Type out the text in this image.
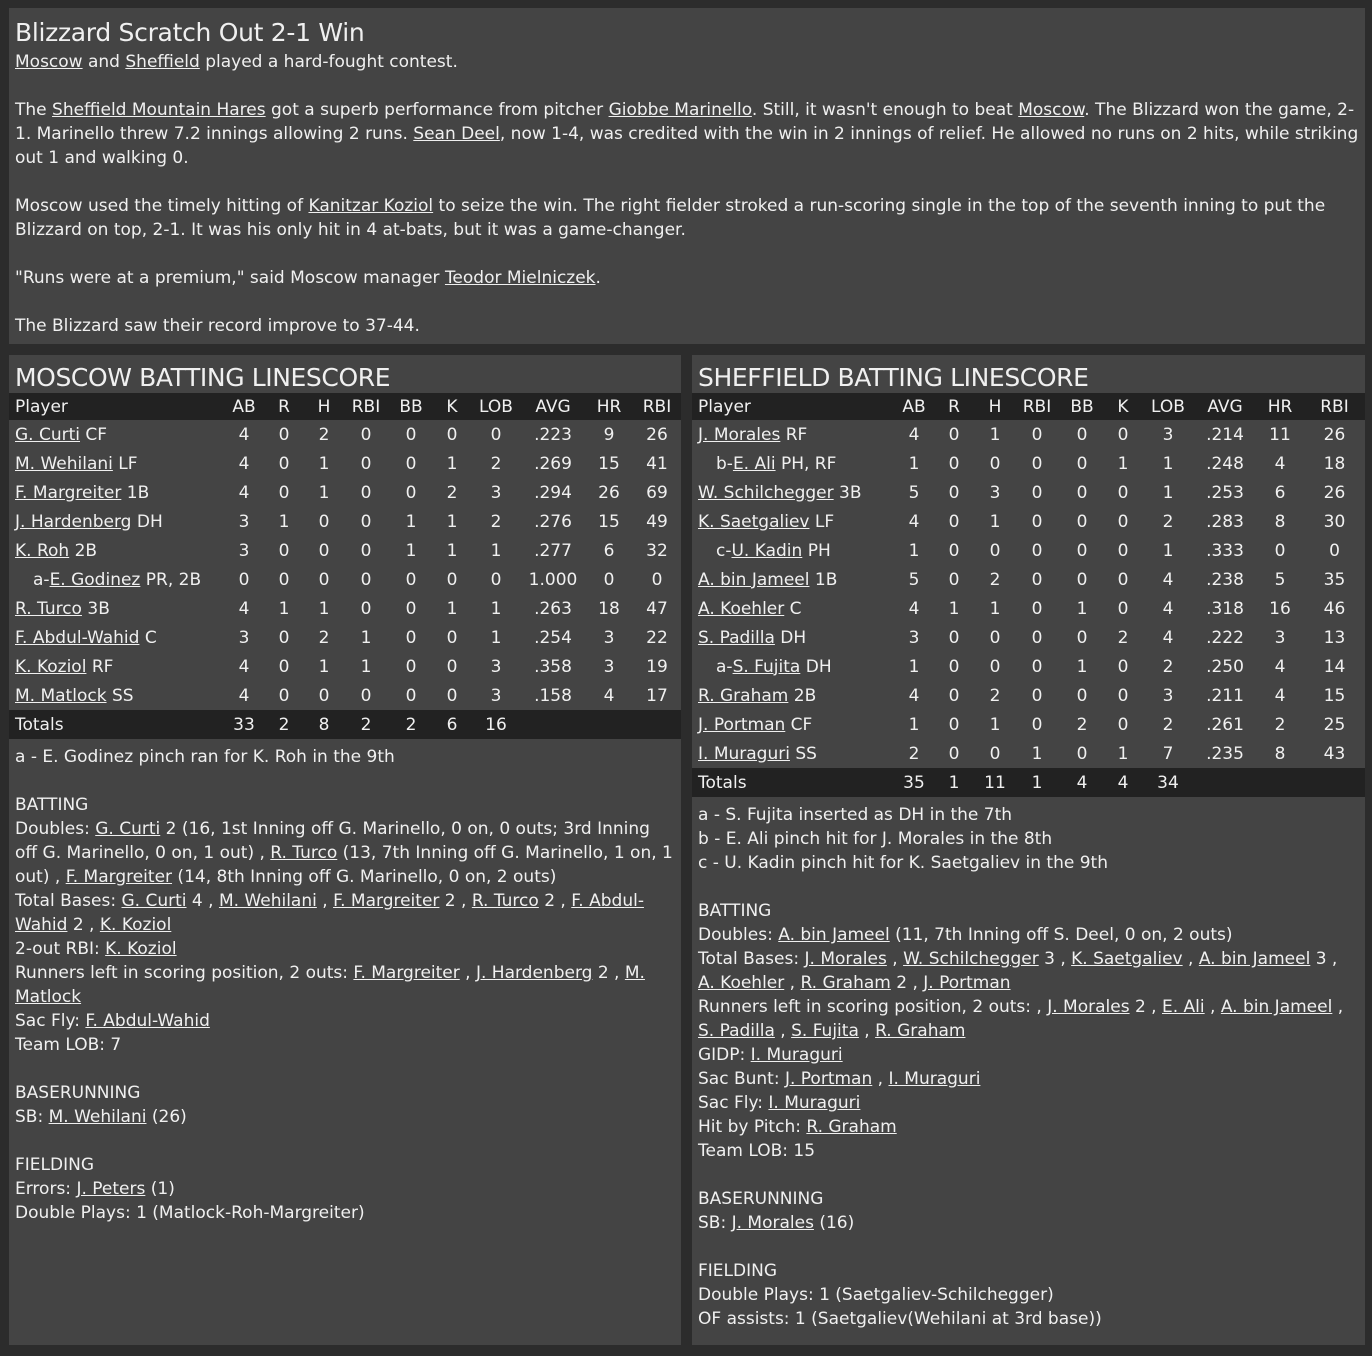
Blizzard Scratch Out 2-1 Win

Moscow and Sheffield played a hard-fought contest.

The Sheffield Mountain Hares got a superb performance from pitcher Giobbe Marinello. Still, it wasn't enough to beat Moscow. The Blizzard won the game, 2-1. Marinello threw 7.2 innings allowing 2 runs. Sean Deel, now 1-4, was credited with the win in 2 innings of relief. He allowed no runs on 2 hits, while striking out 1 and walking 0.

Moscow used the timely hitting of Kanitzar Koziol to seize the win. The right fielder stroked a run-scoring single in the top of the seventh inning to put the Blizzard on top, 2-1. It was his only hit in 4 at-bats, but it was a game-changer.

"Runs were at a premium," said Moscow manager Teodor Mielniczek.

The Blizzard saw their record improve to 37-44.

MOSCOW BATTING LINESCORE
Player	AB	R	H	RBI	BB	K	LOB	AVG	HR	RBI
G. Curti CF	4	0	2	0	0	0	0	.223	9	26
M. Wehilani LF	4	0	1	0	0	1	2	.269	15	41
F. Margreiter 1B	4	0	1	0	0	2	3	.294	26	69
J. Hardenberg DH	3	1	0	0	1	1	2	.276	15	49
K. Roh 2B	3	0	0	0	1	1	1	.277	6	32
a-E. Godinez PR, 2B	0	0	0	0	0	0	0	1.000	0	0
R. Turco 3B	4	1	1	0	0	1	1	.263	18	47
F. Abdul-Wahid C	3	0	2	1	0	0	1	.254	3	22
K. Koziol RF	4	0	1	1	0	0	3	.358	3	19
M. Matlock SS	4	0	0	0	0	0	3	.158	4	17
Totals	33	2	8	2	2	6	16			
a - E. Godinez pinch ran for K. Roh in the 9th
BATTING
Doubles: G. Curti 2 (16, 1st Inning off G. Marinello, 0 on, 0 outs; 3rd Inning off G. Marinello, 0 on, 1 out) , R. Turco (13, 7th Inning off G. Marinello, 1 on, 1 out) , F. Margreiter (14, 8th Inning off G. Marinello, 0 on, 2 outs)
Total Bases: G. Curti 4 , M. Wehilani , F. Margreiter 2 , R. Turco 2 , F. Abdul-Wahid 2 , K. Koziol
2-out RBI: K. Koziol
Runners left in scoring position, 2 outs: F. Margreiter , J. Hardenberg 2 , M. Matlock
Sac Fly: F. Abdul-Wahid
Team LOB: 7
BASERUNNING
SB: M. Wehilani (26)
FIELDING
Errors: J. Peters (1)
Double Plays: 1 (Matlock-Roh-Margreiter)
SHEFFIELD BATTING LINESCORE
Player	AB	R	H	RBI	BB	K	LOB	AVG	HR	RBI
J. Morales RF	4	0	1	0	0	0	3	.214	11	26
b-E. Ali PH, RF	1	0	0	0	0	1	1	.248	4	18
W. Schilchegger 3B	5	0	3	0	0	0	1	.253	6	26
K. Saetgaliev LF	4	0	1	0	0	0	2	.283	8	30
c-U. Kadin PH	1	0	0	0	0	0	1	.333	0	0
A. bin Jameel 1B	5	0	2	0	0	0	4	.238	5	35
A. Koehler C	4	1	1	0	1	0	4	.318	16	46
S. Padilla DH	3	0	0	0	0	2	4	.222	3	13
a-S. Fujita DH	1	0	0	0	1	0	2	.250	4	14
R. Graham 2B	4	0	2	0	0	0	3	.211	4	15
J. Portman CF	1	0	1	0	2	0	2	.261	2	25
I. Muraguri SS	2	0	0	1	0	1	7	.235	8	43
Totals	35	1	11	1	4	4	34			
a - S. Fujita inserted as DH in the 7th
b - E. Ali pinch hit for J. Morales in the 8th
c - U. Kadin pinch hit for K. Saetgaliev in the 9th
BATTING
Doubles: A. bin Jameel (11, 7th Inning off S. Deel, 0 on, 2 outs)
Total Bases: J. Morales , W. Schilchegger 3 , K. Saetgaliev , A. bin Jameel 3 , A. Koehler , R. Graham 2 , J. Portman
Runners left in scoring position, 2 outs: , J. Morales 2 , E. Ali , A. bin Jameel , S. Padilla , S. Fujita , R. Graham
GIDP: I. Muraguri
Sac Bunt: J. Portman , I. Muraguri
Sac Fly: I. Muraguri
Hit by Pitch: R. Graham
Team LOB: 15
BASERUNNING
SB: J. Morales (16)
FIELDING
Double Plays: 1 (Saetgaliev-Schilchegger)
OF assists: 1 (Saetgaliev(Wehilani at 3rd base))
